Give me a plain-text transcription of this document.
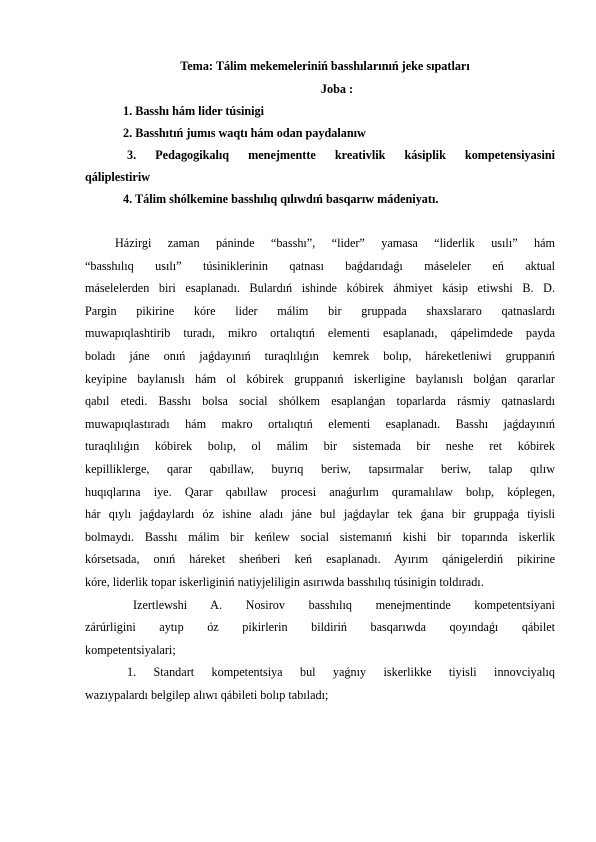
Tema: Tálim mekemeleriniń basshılarınıń jeke sıpatları
Joba :
1. Basshı hám lider túsinigi
2. Basshıtıń jumıs waqtı hám odan paydalanıw
3. Pedagogikalıq menejmentte kreativlik kásiplik kompetensiyasini
qáliplestiriw
4. Tálim shólkemine basshılıq qılıwdıń basqarıw mádeniyatı.
Házirgi zaman páninde “basshı”, “lider” yamasa “liderlik usılı” hám
“basshılıq usılı” túsiniklerinin qatnası baǵdarıdaǵı máseleler eń aktual
máselelerden biri esaplanadı. Bulardıń ishinde kóbirek áhmiyet kásip etiwshi B. D.
Pargin pikirine kóre lider málim bir gruppada shaxslararo qatnaslardı
muwapıqlashtirib turadı, mikro ortalıqtıń elementi esaplanadı, qápelimdede payda
boladı jáne onıń jaǵdayınıń turaqlılıǵın kemrek bolıp, háreketleniwi gruppanıń
keyipine baylanıslı hám ol kóbirek gruppanıń iskerligine baylanıslı bolǵan qararlar
qabıl etedi. Basshı bolsa social shólkem esaplanǵan toparlarda rásmiy qatnaslardı
muwapıqlastıradı hám makro ortalıqtıń elementi esaplanadı. Basshı jaǵdayınıń
turaqlılıǵın kóbirek bolıp, ol málim bir sistemada bir neshe ret kóbirek
kepilliklerge, qarar qabıllaw, buyrıq beriw, tapsırmalar beriw, talap qılıw
huqıqlarına iye. Qarar qabıllaw procesi anaǵurlım quramalılaw bolıp, kóplegen,
hár qıylı jaǵdaylardı óz ishine aladı jáne bul jaǵdaylar tek ǵana bir gruppaǵa tiyisli
bolmaydı. Basshı málim bir keńlew social sistemanıń kishi bir toparında iskerlik
kórsetsada, onıń háreket sheńberi keń esaplanadı. Ayırım qánigelerdiń pikirine
kóre, liderlik topar iskerliginiń natiyjeliligin asırıwda basshılıq túsinigin toldıradı.
Izertlewshi A. Nosirov basshılıq menejmentinde kompetentsiyani
zárúrligini aytıp óz pikirlerin bildiriń basqarıwda qoyındaǵı qábilet
kompetentsiyalari;
1. Standart kompetentsiya bul yaǵnıy iskerlikke tiyisli innovciyalıq
wazıypalardı belgilep alıwı qábileti bolıp tabıladı;
